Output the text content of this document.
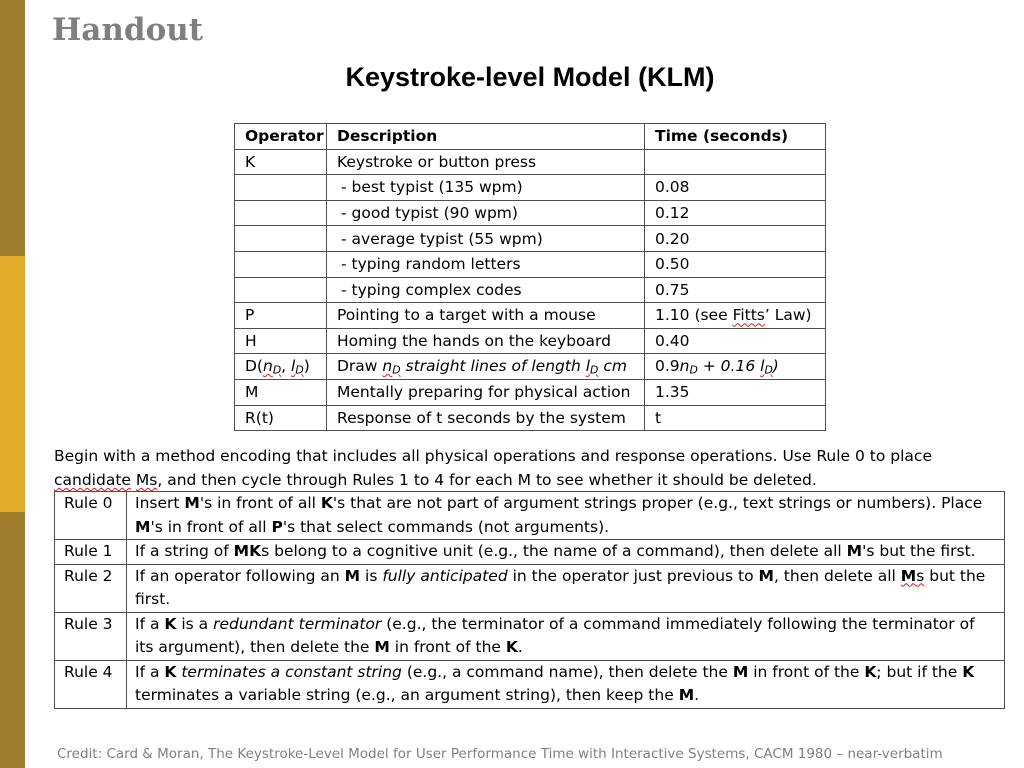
Handout
Keystroke-level Model (KLM)
Operator	Description	Time (seconds)
K	Keystroke or button press	
	- best typist (135 wpm)	0.08
	- good typist (90 wpm)	0.12
	- average typist (55 wpm)	0.20
	- typing random letters	0.50
	- typing complex codes	0.75
P	Pointing to a target with a mouse	1.10 (see Fitts’ Law)
H	Homing the hands on the keyboard	0.40
$D(n_D$, $l_D$)	Draw $n_D$ straight lines of length $l_D$ cm	$0.9n_D + 0.16$ $l_D$)
M	Mentally preparing for physical action	1.35
R(t)	Response of t seconds by the system	t
Begin with a method encoding that includes all physical operations and response operations. Use Rule 0 to place
candidate Ms, and then cycle through Rules 1 to 4 for each M to see whether it should be deleted.
Rule 0	Insert M's in front of all K's that are not part of argument strings proper (e.g., text strings or numbers). Place M's in front of all P's that select commands (not arguments).
Rule 1	If a string of MKs belong to a cognitive unit (e.g., the name of a command), then delete all M's but the first.
Rule 2	If an operator following an M is fully anticipated in the operator just previous to M, then delete all Ms but the first.
Rule 3	If a K is a redundant terminator (e.g., the terminator of a command immediately following the terminator of its argument), then delete the M in front of the K.
Rule 4	If a K terminates a constant string (e.g., a command name), then delete the M in front of the K; but if the K terminates a variable string (e.g., an argument string), then keep the M.
Credit: Card & Moran, The Keystroke-Level Model for User Performance Time with Interactive Systems, CACM 1980 – near-verbatim
